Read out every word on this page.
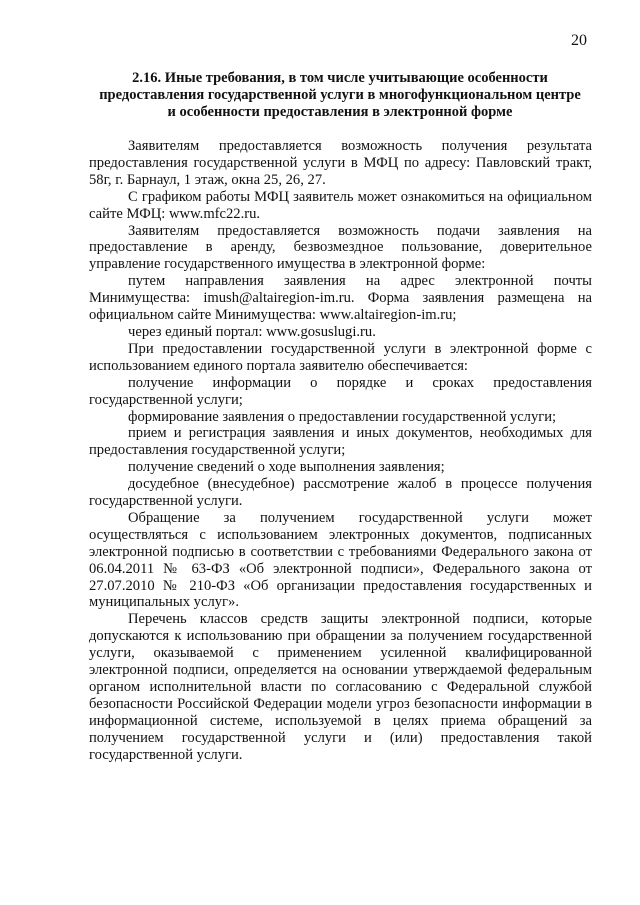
20
2.16. Иные требования, в том числе учитывающие особенности
предоставления государственной услуги в многофункциональном центре
и особенности предоставления в электронной форме

Заявителям предоставляется возможность получения результата предоставления государственной услуги в МФЦ по адресу: Павловский тракт, 58г, г. Барнаул, 1 этаж, окна 25, 26, 27.

С графиком работы МФЦ заявитель может ознакомиться на официальном сайте МФЦ: www.mfc22.ru.

Заявителям предоставляется возможность подачи заявления на предоставление в аренду, безвозмездное пользование, доверительное управление государственного имущества в электронной форме:

путем направления заявления на адрес электронной почты Минимущества: imush@altairegion-im.ru. Форма заявления размещена на официальном сайте Минимущества: www.altairegion-im.ru;

через единый портал: www.gosuslugi.ru.

При предоставлении государственной услуги в электронной форме с использованием единого портала заявителю обеспечивается:

получение информации о порядке и сроках предоставления государственной услуги;

формирование заявления о предоставлении государственной услуги;

прием и регистрация заявления и иных документов, необходимых для предоставления государственной услуги;

получение сведений о ходе выполнения заявления;

досудебное (внесудебное) рассмотрение жалоб в процессе получения государственной услуги.

Обращение за получением государственной услуги может осуществляться с использованием электронных документов, подписанных электронной подписью в соответствии с требованиями Федерального закона от 06.04.2011 № 63-ФЗ «Об электронной подписи», Федерального закона от 27.07.2010 № 210-ФЗ «Об организации предоставления государственных и муниципальных услуг».

Перечень классов средств защиты электронной подписи, которые допускаются к использованию при обращении за получением государственной услуги, оказываемой с применением усиленной квалифицированной электронной подписи, определяется на основании утверждаемой федеральным органом исполнительной власти по согласованию с Федеральной службой безопасности Российской Федерации модели угроз безопасности информации в информационной системе, используемой в целях приема обращений за получением государственной услуги и (или) предоставления такой государственной услуги.
